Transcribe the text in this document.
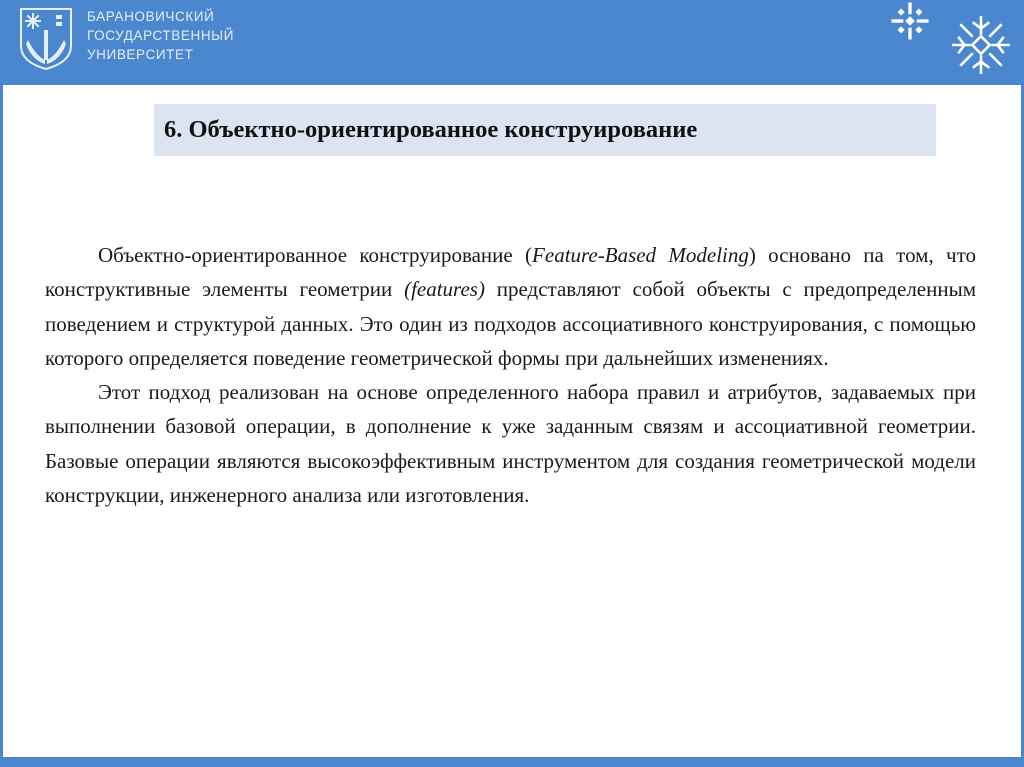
БАРАНОВИЧСКИЙ
ГОСУДАРСТВЕННЫЙ
УНИВЕРСИТЕТ
6. Объектно-ориентированное конструирование

Объектно-ориентированное конструирование (Feature-Based Modeling) основано па том, что конструктивные элементы геометрии (features) представляют собой объекты с предопределенным поведением и структурой данных. Это один из подходов ассоциативного конструирования, с помощью которого определяется поведение геометрической формы при дальнейших изменениях.

Этот подход реализован на основе определенного набора правил и атрибутов, задаваемых при выполнении базовой операции, в дополнение к уже заданным связям и ассоциативной геометрии. Базовые операции являются высокоэффективным инструментом для создания геометрической модели конструкции, инженерного анализа или изготовления.
